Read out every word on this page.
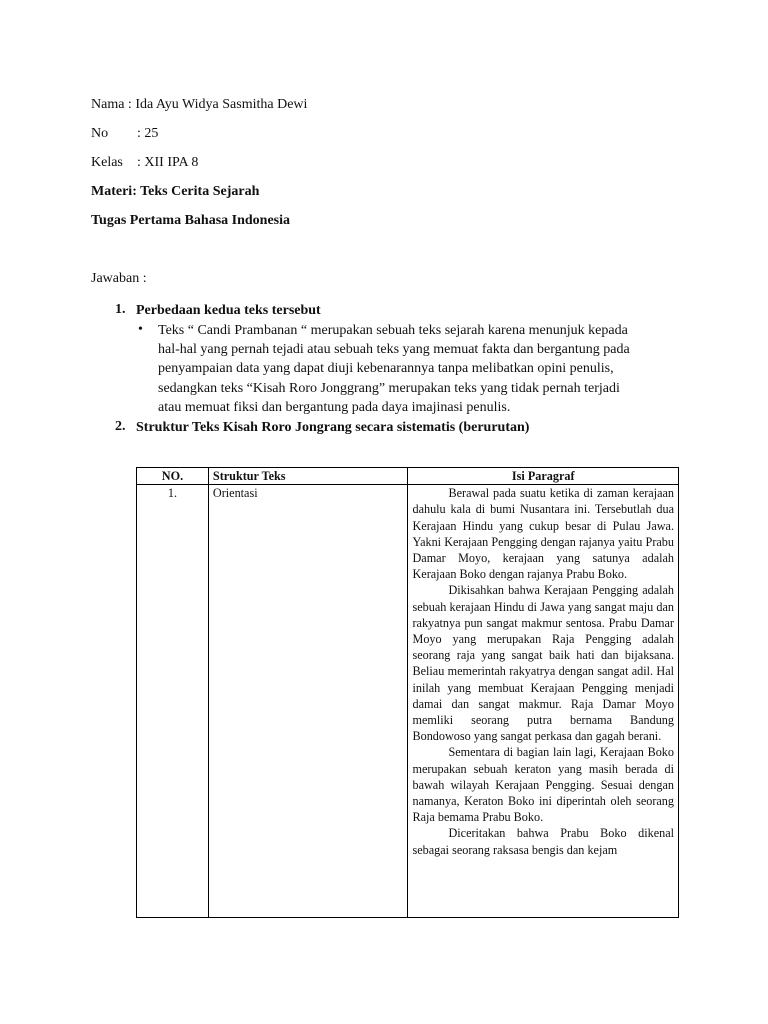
Nama : Ida Ayu Widya Sasmitha Dewi
No : 25
Kelas : XII IPA 8
Materi: Teks Cerita Sejarah
Tugas Pertama Bahasa Indonesia
Jawaban :
1. Perbedaan kedua teks tersebut
• Teks “ Candi Prambanan “ merupakan sebuah teks sejarah karena menunjuk kepada

hal-hal yang pernah tejadi atau sebuah teks yang memuat fakta dan bergantung pada

penyampaian data yang dapat diuji kebenarannya tanpa melibatkan opini penulis,

sedangkan teks “Kisah Roro Jonggrang” merupakan teks yang tidak pernah terjadi

atau memuat fiksi dan bergantung pada daya imajinasi penulis.

2. Struktur Teks Kisah Roro Jongrang secara sistematis (berurutan)
NO.	Struktur Teks	Isi Paragraf
1.	Orientasi	Berawal pada suatu ketika di zaman kerajaan dahulu kala di bumi Nusantara ini. Tersebutlah dua Kerajaan Hindu yang cukup besar di Pulau Jawa. Yakni Kerajaan Pengging dengan rajanya yaitu Prabu Damar Moyo, kerajaan yang satunya adalah Kerajaan Boko dengan rajanya Prabu Boko.

Dikisahkan bahwa Kerajaan Pengging adalah sebuah kerajaan Hindu di Jawa yang sangat maju dan rakyatnya pun sangat makmur sentosa. Prabu Damar Moyo yang merupakan Raja Pengging adalah seorang raja yang sangat baik hati dan bijaksana. Beliau memerintah rakyatrya dengan sangat adil. Hal inilah yang membuat Kerajaan Pengging menjadi damai dan sangat makmur. Raja Damar Moyo memliki seorang putra bernama Bandung Bondowoso yang sangat perkasa dan gagah berani.

Sementara di bagian lain lagi, Kerajaan Boko merupakan sebuah keraton yang masih berada di bawah wilayah Kerajaan Pengging. Sesuai dengan namanya, Keraton Boko ini diperintah oleh seorang Raja bemama Prabu Boko.

Diceritakan bahwa Prabu Boko dikenal sebagai seorang raksasa bengis dan kejam
